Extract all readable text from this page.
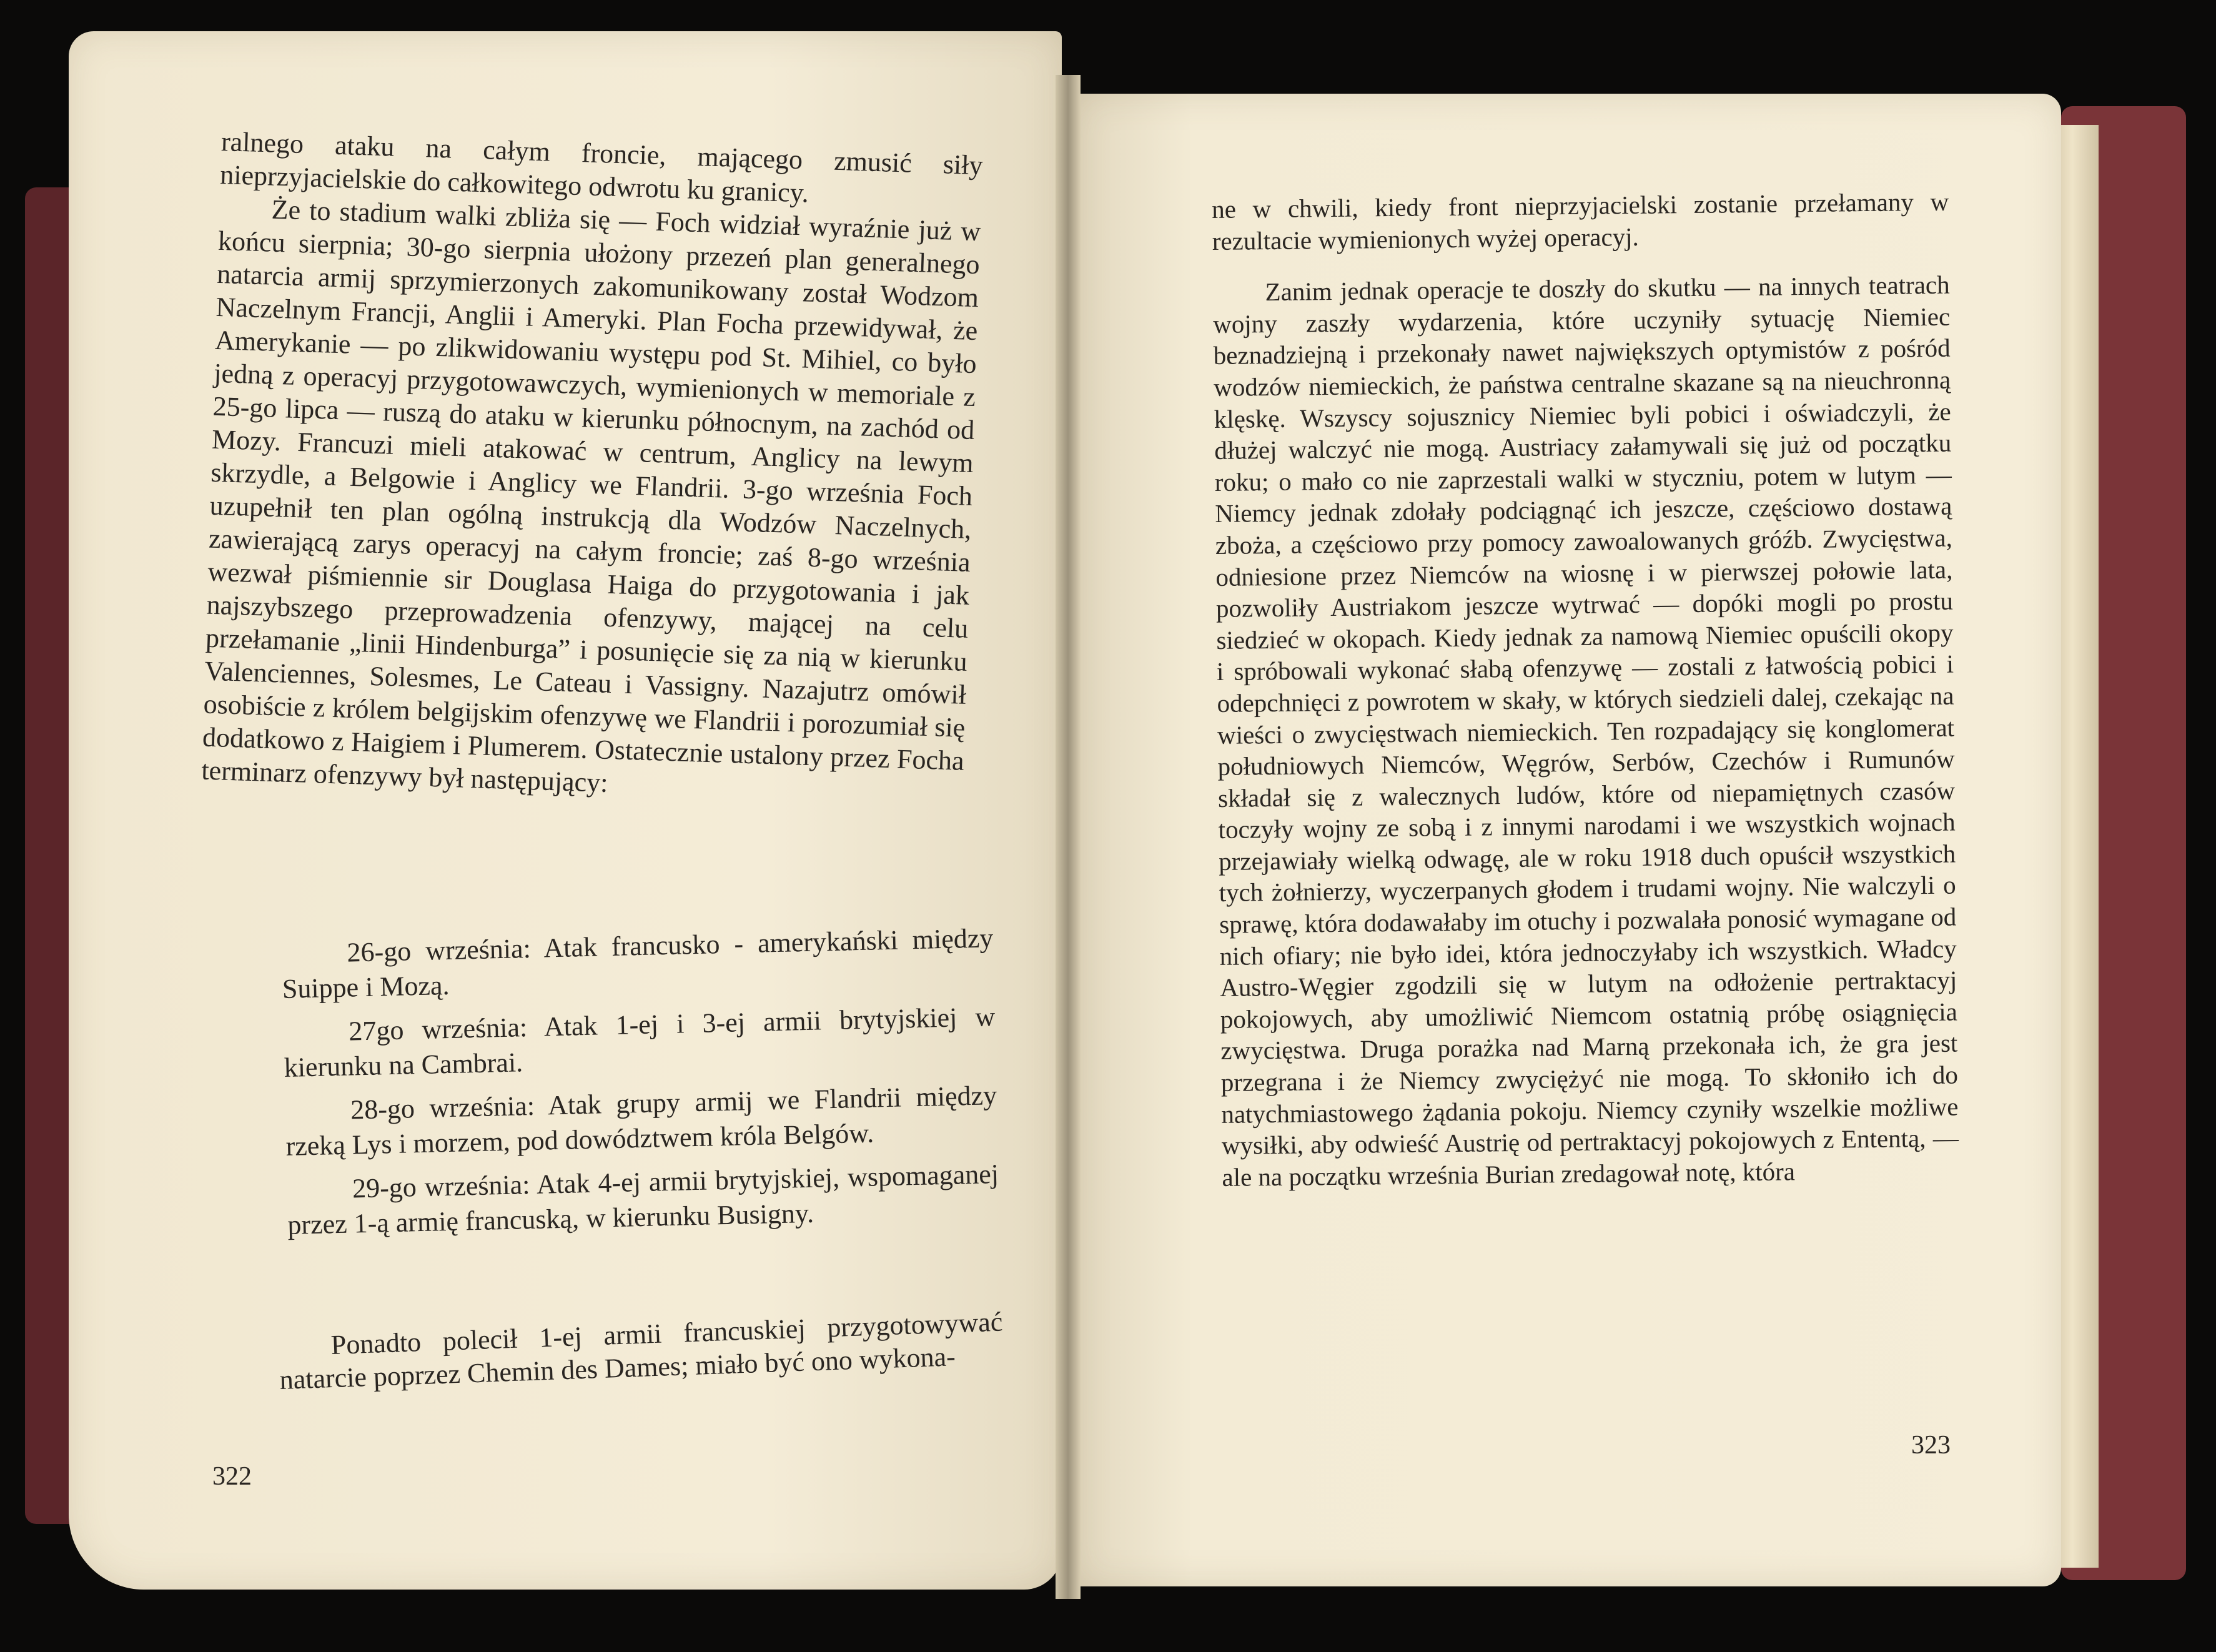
ralnego ataku na całym froncie, mającego zmusić siły nieprzyjacielskie do całkowitego odwrotu ku granicy.

Że to stadium walki zbliża się — Foch widział wyraźnie już w końcu sierpnia; 30-go sierpnia ułożony przezeń plan generalnego natarcia armij sprzymierzonych zakomunikowany został Wodzom Naczelnym Francji, Anglii i Ameryki. Plan Focha przewidywał, że Amerykanie — po zlikwidowaniu występu pod St. Mihiel, co było jedną z operacyj przygotowawczych, wymienionych w memoriale z 25-go lipca — ruszą do ataku w kierunku północnym, na zachód od Mozy. Francuzi mieli atakować w centrum, Anglicy na lewym skrzydle, a Belgowie i Anglicy we Flandrii. 3-go września Foch uzupełnił ten plan ogólną instrukcją dla Wodzów Naczelnych, zawierającą zarys operacyj na całym froncie; zaś 8-go września wezwał piśmiennie sir Douglasa Haiga do przygotowania i jak najszybszego przeprowadzenia ofenzywy, mającej na celu przełamanie „linii Hindenburga” i posunięcie się za nią w kierunku Valenciennes, Solesmes, Le Cateau i Vassigny. Nazajutrz omówił osobiście z królem belgijskim ofenzywę we Flandrii i porozumiał się dodatkowo z Haigiem i Plumerem. Ostatecznie ustalony przez Focha terminarz ofenzywy był następujący:

26-go września: Atak francusko - amerykański między Suippe i Mozą.

27go września: Atak 1-ej i 3-ej armii brytyjskiej w kierunku na Cambrai.

28-go września: Atak grupy armij we Flandrii między rzeką Lys i morzem, pod dowództwem króla Belgów.

29-go września: Atak 4-ej armii brytyjskiej, wspomaganej przez 1-ą armię francuską, w kierunku Busigny.

Ponadto polecił 1-ej armii francuskiej przygotowywać natarcie poprzez Chemin des Dames; miało być ono wykona-

322

ne w chwili, kiedy front nieprzyjacielski zostanie przełamany w rezultacie wymienionych wyżej operacyj.

Zanim jednak operacje te doszły do skutku — na innych teatrach wojny zaszły wydarzenia, które uczyniły sytuację Niemiec beznadziejną i przekonały nawet największych optymistów z pośród wodzów niemieckich, że państwa centralne skazane są na nieuchronną klęskę. Wszyscy sojusznicy Niemiec byli pobici i oświadczyli, że dłużej walczyć nie mogą. Austriacy załamywali się już od początku roku; o mało co nie zaprzestali walki w styczniu, potem w lutym — Niemcy jednak zdołały podciągnąć ich jeszcze, częściowo dostawą zboża, a częściowo przy pomocy zawoalowanych gróźb. Zwycięstwa, odniesione przez Niemców na wiosnę i w pierwszej połowie lata, pozwoliły Austriakom jeszcze wytrwać — dopóki mogli po prostu siedzieć w okopach. Kiedy jednak za namową Niemiec opuścili okopy i spróbowali wykonać słabą ofenzywę — zostali z łatwością pobici i odepchnięci z powrotem w skały, w których siedzieli dalej, czekając na wieści o zwycięstwach niemieckich. Ten rozpadający się konglomerat południowych Niemców, Węgrów, Serbów, Czechów i Rumunów składał się z walecznych ludów, które od niepamiętnych czasów toczyły wojny ze sobą i z innymi narodami i we wszystkich wojnach przejawiały wielką odwagę, ale w roku 1918 duch opuścił wszystkich tych żołnierzy, wyczerpanych głodem i trudami wojny. Nie walczyli o sprawę, która dodawałaby im otuchy i pozwalała ponosić wymagane od nich ofiary; nie było idei, która jednoczyłaby ich wszystkich. Władcy Austro-Węgier zgodzili się w lutym na odłożenie pertraktacyj pokojowych, aby umożliwić Niemcom ostatnią próbę osiągnięcia zwycięstwa. Druga porażka nad Marną przekonała ich, że gra jest przegrana i że Niemcy zwyciężyć nie mogą. To skłoniło ich do natychmiastowego żądania pokoju. Niemcy czyniły wszelkie możliwe wysiłki, aby odwieść Austrię od pertraktacyj pokojowych z Ententą, — ale na początku września Burian zredagował notę, która

323
